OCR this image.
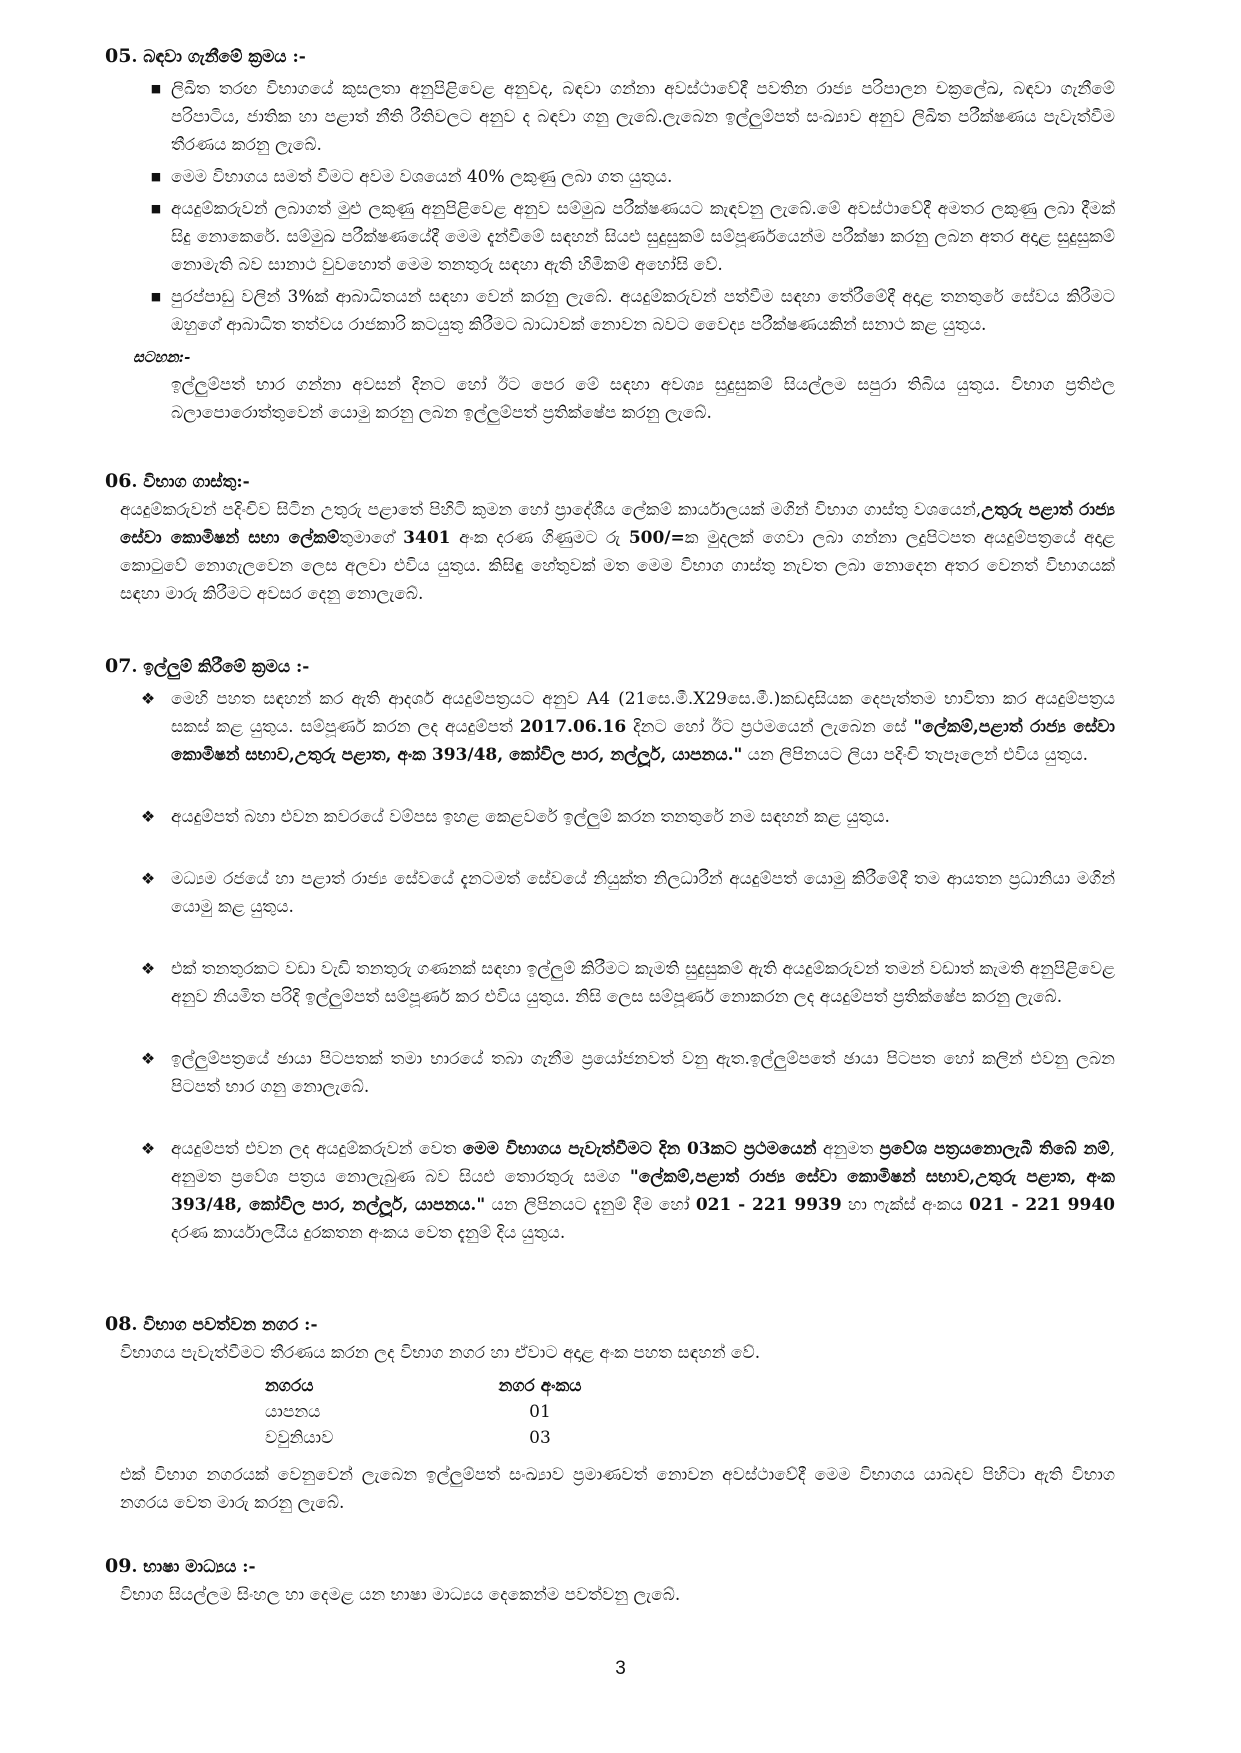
05. බඳවා ගැනීමේ ක්‍රමය :-

■ ලිඛිත තරඟ විභාගයේ කුසලතා අනුපිළිවෙළ අනුවද, බඳවා ගන්නා අවස්ථාවේදී පවතින රාජ්‍ය පරිපාලන චක්‍රලේඛ, බඳවා ගැනීමේ පරිපාටිය, ජාතික හා පළාත් නීති රීතිවලට අනුව ද බඳවා ගනු ලැබේ.ලැබෙන ඉල්ලුම්පත් සංඛ්‍යාව අනුව ලිඛිත පරීක්ෂණය පැවැත්වීම තීරණය කරනු ලැබේ.
■ මෙම විභාගය සමත් වීමට අවම වශයෙන් 40% ලකුණු ලබා ගත යුතුය.
■ අයදුම්කරුවන් ලබාගත් මුළු ලකුණු අනුපිළිවෙළ අනුව සම්මුඛ පරීක්ෂණයට කැඳවනු ලැබේ.මේ අවස්ථාවේදී අමතර ලකුණු ලබා දීමක් සිදු නොකෙරේ. සම්මුඛ පරීක්ෂණයේදී මෙම දැන්වීමේ සඳහන් සියළු සුදුසුකම් සම්පූර්ණයෙන්ම පරීක්ෂා කරනු ලබන අතර අදාළ සුදුසුකම් නොමැති බව සානාථ වුවහොත් මෙම තනතුරු සඳහා ඇති හිමිකම් අහෝසි වේ.
■ පුරප්පාඩු වලින් 3%ක් ආබාධිතයන් සඳහා වෙන් කරනු ලැබේ. අයදුම්කරුවන් පත්වීම සඳහා තේරීමේදී අදාළ තනතුරේ සේවය කිරීමට ඔහුගේ ආබාධිත තත්වය රාජකාරි කටයුතු කිරීමට බාධාවක් නොවන බවට වෛද්‍ය පරීක්ෂණයකින් සනාථ කළ යුතුය.

සටහන:-

ඉල්ලුම්පත් භාර ගන්නා අවසන් දිනට හෝ ඊට පෙර මේ සඳහා අවශ්‍ය සුදුසුකම් සියල්ලම සපුරා තිබිය යුතුය. විභාග ප්‍රතිඵල බලාපොරොත්තුවෙන් යොමු කරනු ලබන ඉල්ලුම්පත් ප්‍රතික්ෂේප කරනු ලැබේ.

06. විභාග ගාස්තු:-

අයදුම්කරුවන් පදිංචිව සිටින උතුරු පළාතේ පිහිටි කුමන හෝ ප්‍රාදේශීය ලේකම් කාර්යාලයක් මගින් විභාග ගාස්තු වශයෙන්,උතුරු පළාත් රාජ්‍ය සේවා කොමිෂන් සභා ලේකම්තුමාගේ 3401 අංක දරණ ගිණුමට රු 500/=ක මුදලක් ගෙවා ලබා ගන්නා ලදුපිටපත අයදුම්පත්‍රයේ අදාළ කොටුවේ නොගැලවෙන ලෙස අලවා එවිය යුතුය. කිසිඳු හේතුවක් මත මෙම විභාග ගාස්තු නැවත ලබා නොදෙන අතර වෙනත් විභාගයක් සඳහා මාරු කිරීමට අවසර දෙනු නොලැබේ.

07. ඉල්ලුම් කිරීමේ ක්‍රමය :-

❖ මෙහි පහත සඳහන් කර ඇති ආදර්ශ අයදුම්පත්‍රයට අනුව A4 (21සෙ.මී.X29සෙ.මී.)කඩදාසියක දෙපැත්තම භාවිතා කර අයදුම්පත්‍රය සකස් කළ යුතුය. සම්පූර්ණ කරන ලද අයදුම්පත් 2017.06.16 දිනට හෝ ඊට ප්‍රථමයෙන් ලැබෙන සේ "ලේකම්,පළාත් රාජ්‍ය සේවා කොමිෂන් සභාව,උතුරු පළාත, අංක 393/48, කෝවිල පාර, නල්ලූර්, යාපනය." යන ලිපිනයට ලියා පදිංචි තැපෑලෙන් එවිය යුතුය.
❖ අයදුම්පත් බහා එවන කවරයේ වම්පස ඉහළ කෙළවරේ ඉල්ලුම් කරන තනතුරේ නම සඳහන් කළ යුතුය.
❖ මධ්‍යම රජයේ හා පළාත් රාජ්‍ය සේවයේ දැනටමත් සේවයේ නියුක්ත නිලධාරීන් අයදුම්පත් යොමු කිරීමේදී තම ආයතන ප්‍රධානියා මගින් යොමු කළ යුතුය.
❖ එක් තනතුරකට වඩා වැඩි තනතුරු ගණනක් සඳහා ඉල්ලුම් කිරීමට කැමති සුදුසුකම් ඇති අයදුම්කරුවන් තමන් වඩාත් කැමති අනුපිළිවෙළ අනුව නියමිත පරිදි ඉල්ලුම්පත් සම්පූර්ණ කර එවිය යුතුය. නිසි ලෙස සම්පූර්ණ නොකරන ලද අයදුම්පත් ප්‍රතික්ෂේප කරනු ලැබේ.
❖ ඉල්ලුම්පත්‍රයේ ඡායා පිටපතක් තමා භාරයේ තබා ගැනීම ප්‍රයෝජනවත් වනු ඇත.ඉල්ලුම්පතේ ඡායා පිටපත හෝ කලින් එවනු ලබන පිටපත් භාර ගනු නොලැබේ.
❖ අයදුම්පත් එවන ලද අයදුම්කරුවන් වෙත මෙම විභාගය පැවැත්වීමට දින 03කට ප්‍රථමයෙන් අනුමත ප්‍රවේශ පත්‍රයනොලැබී තිබේ නම්, අනුමත ප්‍රවේශ පත්‍රය නොලැබුණ බව සියළු තොරතුරු සමග "ලේකම්,පළාත් රාජ්‍ය සේවා කොමිෂන් සභාව,උතුරු පළාත, අංක 393/48, කෝවිල පාර, නල්ලූර්, යාපනය." යන ලිපිනයට දැනුම් දීම හෝ 021 - 221 9939 හා ෆැක්ස් අංකය 021 - 221 9940 දරණ කාර්යාලයීය දුරකතන අංකය වෙත දැනුම් දිය යුතුය.

08. විභාග පවත්වන නගර :-

විභාගය පැවැත්වීමට තීරණය කරන ලද විභාග නගර හා ඒවාට අදාළ අංක පහත සඳහන් වේ.

නගරය	නගර අංකය
යාපනය	01
වවුනියාව	03

එක් විභාග නගරයක් වෙනුවෙන් ලැබෙන ඉල්ලුම්පත් සංඛ්‍යාව ප්‍රමාණවත් නොවන අවස්ථාවේදී මෙම විභාගය යාබදව පිහිටා ඇති විභාග නගරය වෙත මාරු කරනු ලැබේ.

09. භාෂා මාධ්‍යය :-

විභාග සියල්ලම සිංහල හා දෙමළ යන භාෂා මාධ්‍යය දෙකෙන්ම පවත්වනු ලැබේ.

3
